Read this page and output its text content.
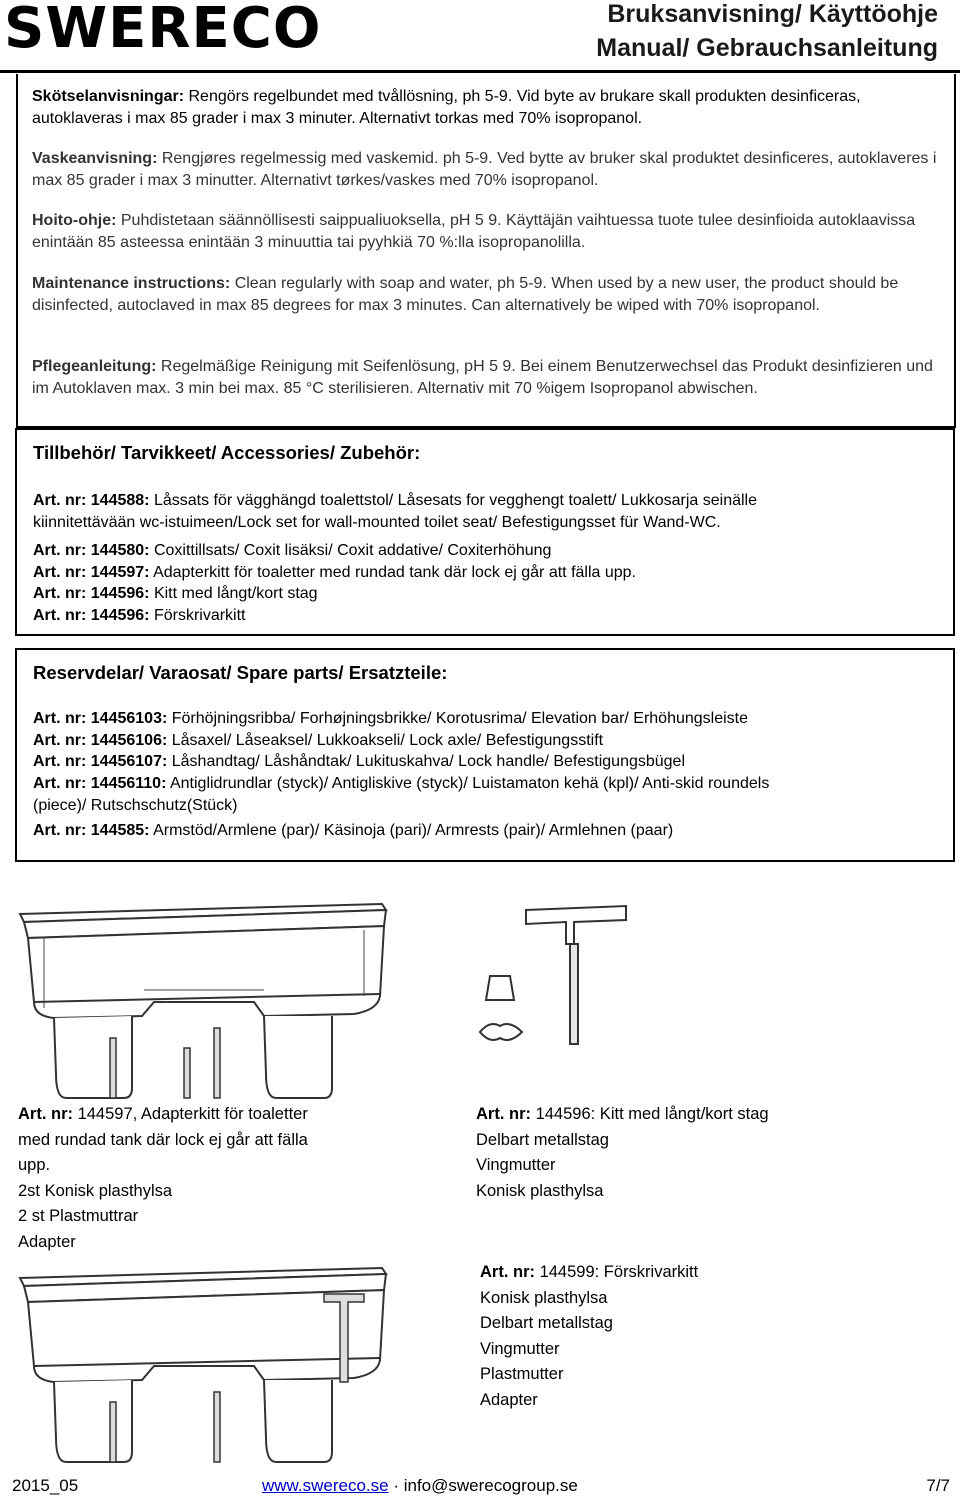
SWERECO	Bruksanvisning/ Käyttöohje
Manual/ Gebrauchsanleitung
Skötselanvisningar: Rengörs regelbundet med tvållösning, ph 5-9. Vid byte av brukare skall produkten desinficeras, autoklaveras i max 85 grader i max 3 minuter. Alternativt torkas med 70% isopropanol.
Vaskeanvisning: Rengjøres regelmessig med vaskemid. ph 5-9. Ved bytte av bruker skal produktet desinficeres, autoklaveres i max 85 grader i max 3 minutter. Alternativt tørkes/vaskes med 70% isopropanol.
Hoito-ohje: Puhdistetaan säännöllisesti saippualiuoksella, pH 5 9. Käyttäjän vaihtuessa tuote tulee desinfioida autoklaavissa enintään 85 asteessa enintään 3 minuuttia tai pyyhkiä 70 %:lla isopropanolilla.
Maintenance instructions: Clean regularly with soap and water, ph 5-9. When used by a new user, the product should be disinfected, autoclaved in max 85 degrees for max 3 minutes. Can alternatively be wiped with 70% isopropanol.
Pflegeanleitung: Regelmäßige Reinigung mit Seifenlösung, pH 5 9. Bei einem Benutzerwechsel das Produkt desinfizieren und im Autoklaven max. 3 min bei max. 85 °C sterilisieren. Alternativ mit 70 %igem Isopropanol abwischen.
Tillbehör/ Tarvikkeet/ Accessories/ Zubehör:
Art. nr: 144588: Låssats för vägghängd toalettstol/ Låsesats for vegghengt toalett/ Lukkosarja seinälle
kiinnitettävään wc-istuimeen/Lock set for wall-mounted toilet seat/ Befestigungsset für Wand-WC.
Art. nr: 144580: Coxittillsats/ Coxit lisäksi/ Coxit addative/ Coxiterhöhung
Art. nr: 144597: Adapterkitt för toaletter med rundad tank där lock ej går att fälla upp.
Art. nr: 144596: Kitt med långt/kort stag
Art. nr: 144596: Förskrivarkitt
Reservdelar/ Varaosat/ Spare parts/ Ersatzteile:
Art. nr: 14456103: Förhöjningsribba/ Forhøjningsbrikke/ Korotusrima/ Elevation bar/ Erhöhungsleiste
Art. nr: 14456106: Låsaxel/ Låseaksel/ Lukkoakseli/ Lock axle/ Befestigungsstift
Art. nr: 14456107: Låshandtag/ Låshåndtak/ Lukituskahva/ Lock handle/ Befestigungsbügel
Art. nr: 14456110: Antiglidrundlar (styck)/ Antigliskive (styck)/ Luistamaton kehä (kpl)/ Anti-skid roundels
(piece)/ Rutschschutz(Stück)
Art. nr: 144585: Armstöd/Armlene (par)/ Käsinoja (pari)/ Armrests (pair)/ Armlehnen (paar)
Art. nr: 144597, Adapterkitt för toaletter
med rundad tank där lock ej går att fälla
upp.
2st Konisk plasthylsa
2 st Plastmuttrar
Adapter
Art. nr: 144596: Kitt med långt/kort stag
Delbart metallstag
Vingmutter
Konisk plasthylsa
Art. nr: 144599: Förskrivarkitt
Konisk plasthylsa
Delbart metallstag
Vingmutter
Plastmutter
Adapter
2015_05	www.swereco.se · info@swerecogroup.se	7/7
